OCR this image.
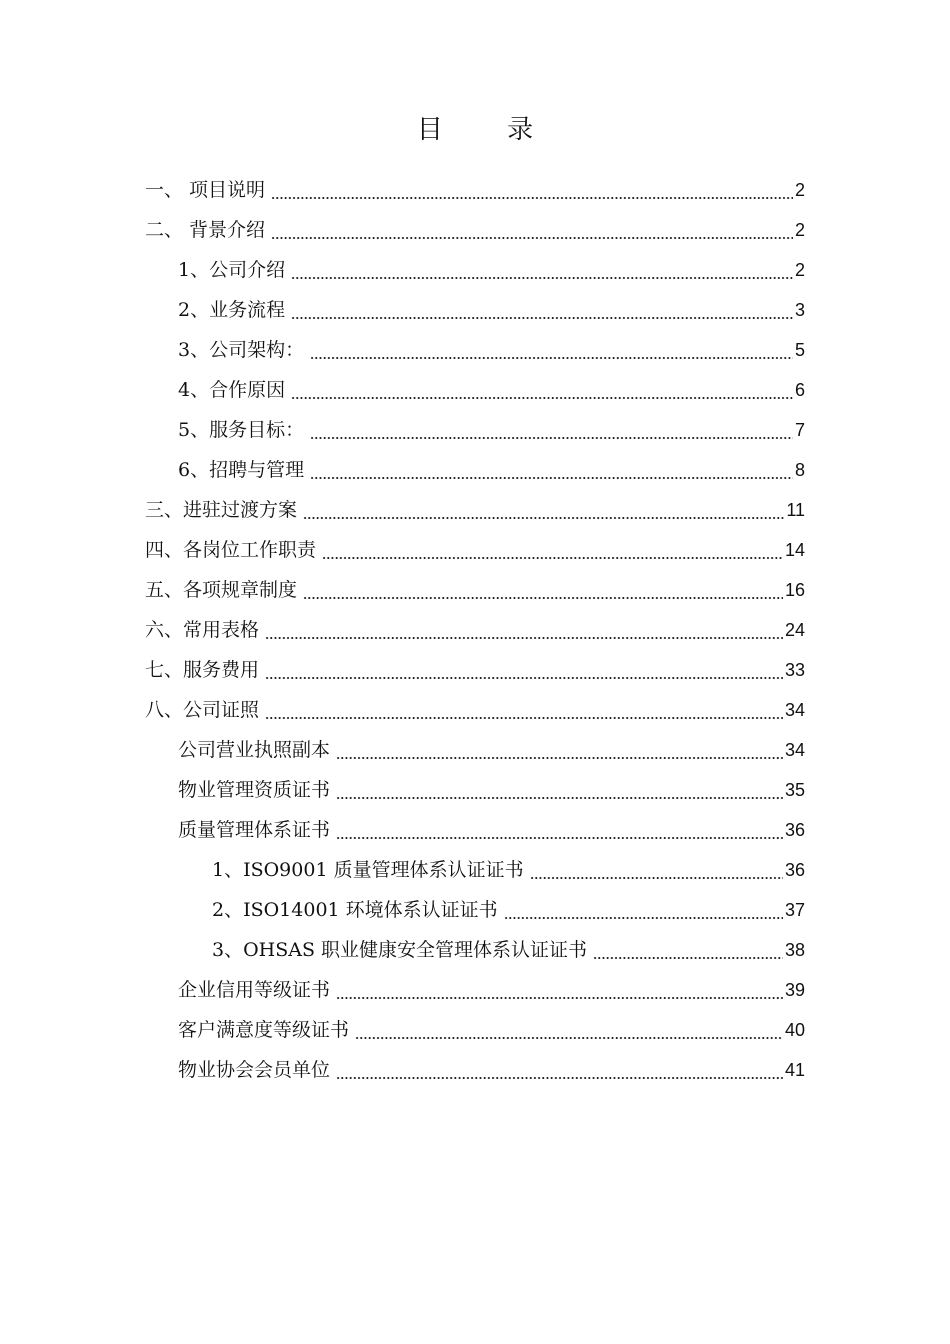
目 录
一、 项目说明	2
二、 背景介绍	2
1、公司介绍	2
2、业务流程	3
3、公司架构：	5
4、合作原因	6
5、服务目标：	7
6、招聘与管理	8
三、进驻过渡方案	11
四、各岗位工作职责	14
五、各项规章制度	16
六、常用表格	24
七、服务费用	33
八、公司证照	34
公司营业执照副本	34
物业管理资质证书	35
质量管理体系证书	36
1、ISO9001 质量管理体系认证证书	36
2、ISO14001 环境体系认证证书	37
3、OHSAS 职业健康安全管理体系认证证书	38
企业信用等级证书	39
客户满意度等级证书	40
物业协会会员单位	41
